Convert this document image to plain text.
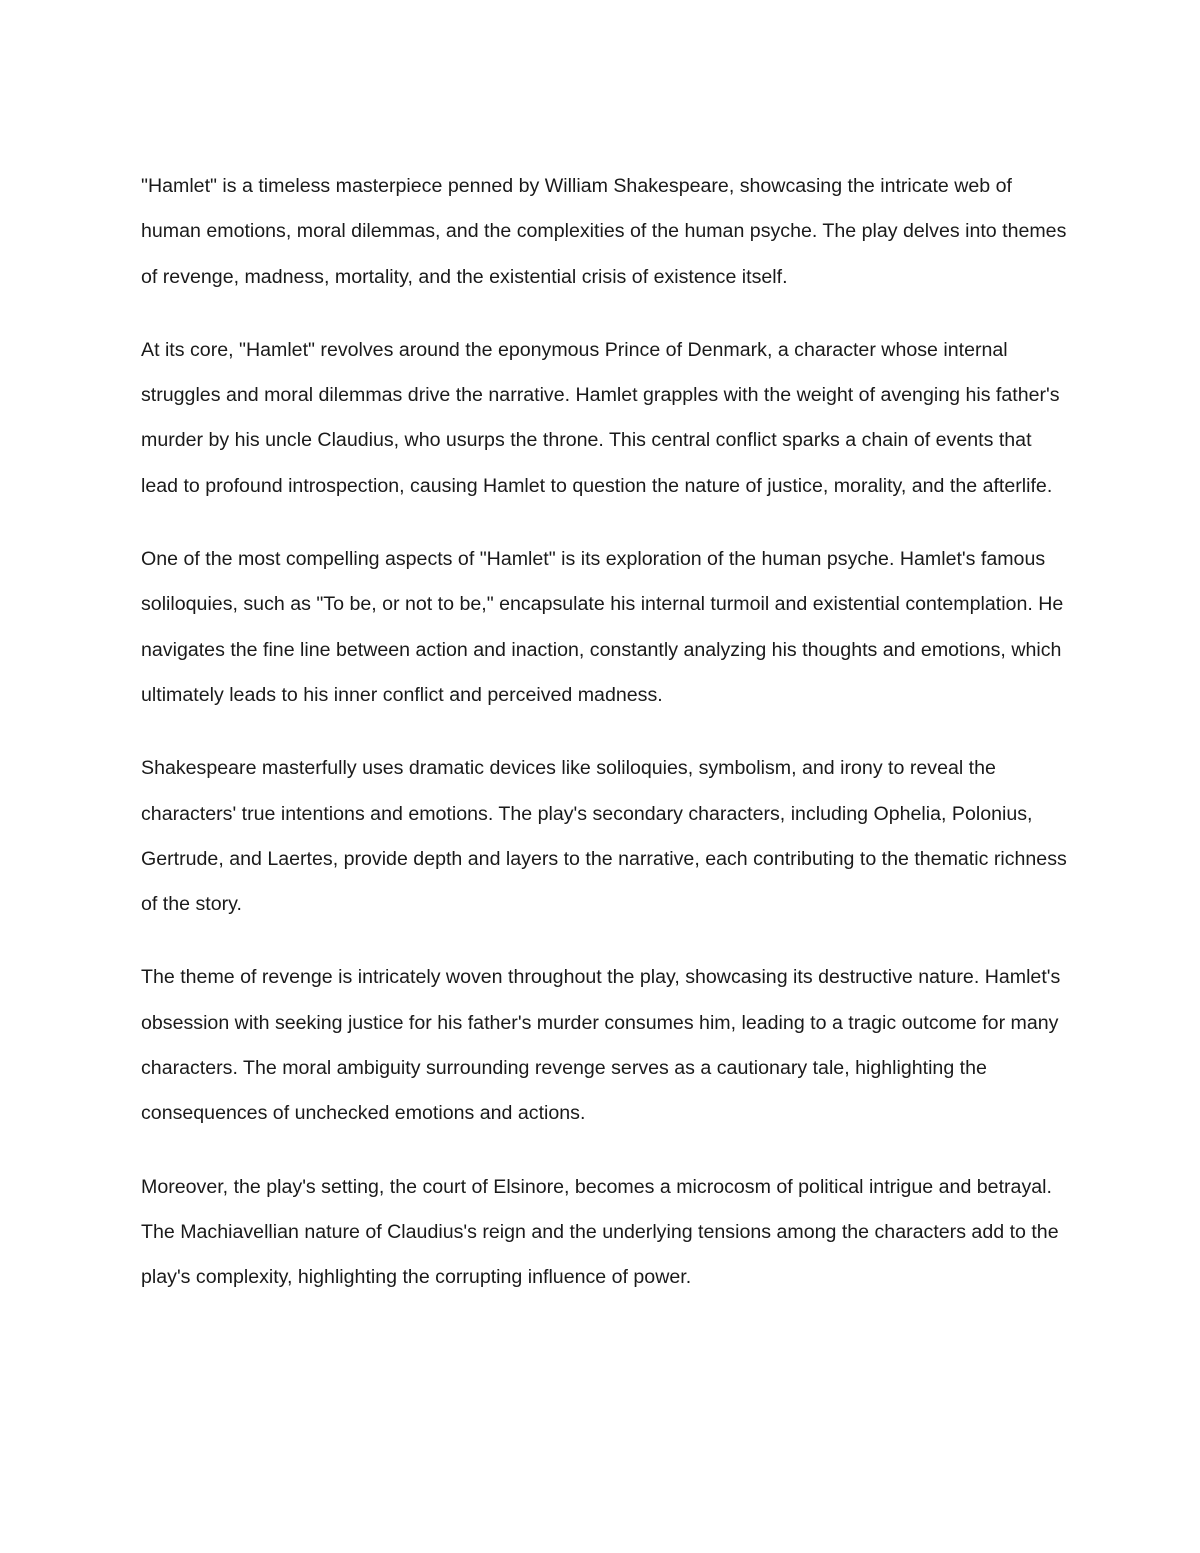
"Hamlet" is a timeless masterpiece penned by William Shakespeare, showcasing the intricate web of human emotions, moral dilemmas, and the complexities of the human psyche. The play delves into themes of revenge, madness, mortality, and the existential crisis of existence itself.

At its core, "Hamlet" revolves around the eponymous Prince of Denmark, a character whose internal struggles and moral dilemmas drive the narrative. Hamlet grapples with the weight of avenging his father's murder by his uncle Claudius, who usurps the throne. This central conflict sparks a chain of events that lead to profound introspection, causing Hamlet to question the nature of justice, morality, and the afterlife.

One of the most compelling aspects of "Hamlet" is its exploration of the human psyche. Hamlet's famous soliloquies, such as "To be, or not to be," encapsulate his internal turmoil and existential contemplation. He navigates the fine line between action and inaction, constantly analyzing his thoughts and emotions, which ultimately leads to his inner conflict and perceived madness.

Shakespeare masterfully uses dramatic devices like soliloquies, symbolism, and irony to reveal the characters' true intentions and emotions. The play's secondary characters, including Ophelia, Polonius, Gertrude, and Laertes, provide depth and layers to the narrative, each contributing to the thematic richness of the story.

The theme of revenge is intricately woven throughout the play, showcasing its destructive nature. Hamlet's obsession with seeking justice for his father's murder consumes him, leading to a tragic outcome for many characters. The moral ambiguity surrounding revenge serves as a cautionary tale, highlighting the consequences of unchecked emotions and actions.

Moreover, the play's setting, the court of Elsinore, becomes a microcosm of political intrigue and betrayal. The Machiavellian nature of Claudius's reign and the underlying tensions among the characters add to the play's complexity, highlighting the corrupting influence of power.
